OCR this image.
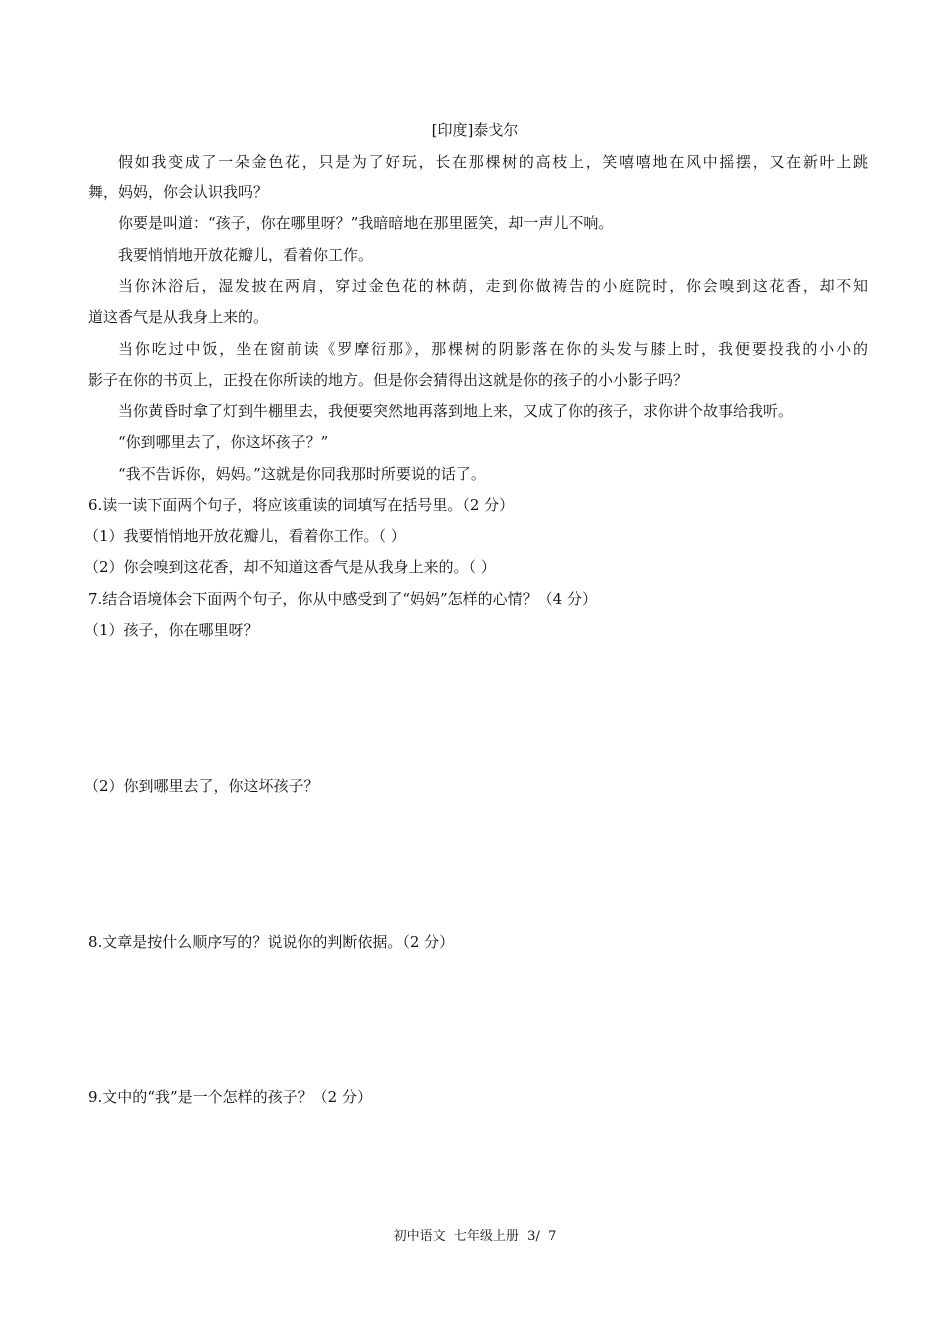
[印度]泰戈尔
假如我变成了一朵金色花，只是为了好玩，长在那棵树的高枝上，笑嘻嘻地在风中摇摆，又在新叶上跳
舞，妈妈，你会认识我吗？
你要是叫道：“孩子，你在哪里呀？”我暗暗地在那里匿笑，却一声儿不响。
我要悄悄地开放花瓣儿，看着你工作。
当你沐浴后，湿发披在两肩，穿过金色花的林荫，走到你做祷告的小庭院时，你会嗅到这花香，却不知
道这香气是从我身上来的。
当你吃过中饭，坐在窗前读《罗摩衍那》，那棵树的阴影落在你的头发与膝上时，我便要投我的小小的
影子在你的书页上，正投在你所读的地方。但是你会猜得出这就是你的孩子的小小影子吗？
当你黄昏时拿了灯到牛棚里去，我便要突然地再落到地上来，又成了你的孩子，求你讲个故事给我听。
“你到哪里去了，你这坏孩子？”
“我不告诉你，妈妈。”这就是你同我那时所要说的话了。
6.读一读下面两个句子，将应该重读的词填写在括号里。（2 分）
（1）我要悄悄地开放花瓣儿，看着你工作。（ ）
（2）你会嗅到这花香，却不知道这香气是从我身上来的。（ ）
7.结合语境体会下面两个句子，你从中感受到了“妈妈”怎样的心情？（4 分）
（1）孩子，你在哪里呀？
（2）你到哪里去了，你这坏孩子？
8.文章是按什么顺序写的？说说你的判断依据。（2 分）
9.文中的“我”是一个怎样的孩子？（2 分）
初中语文  七年级上册  3/  7
